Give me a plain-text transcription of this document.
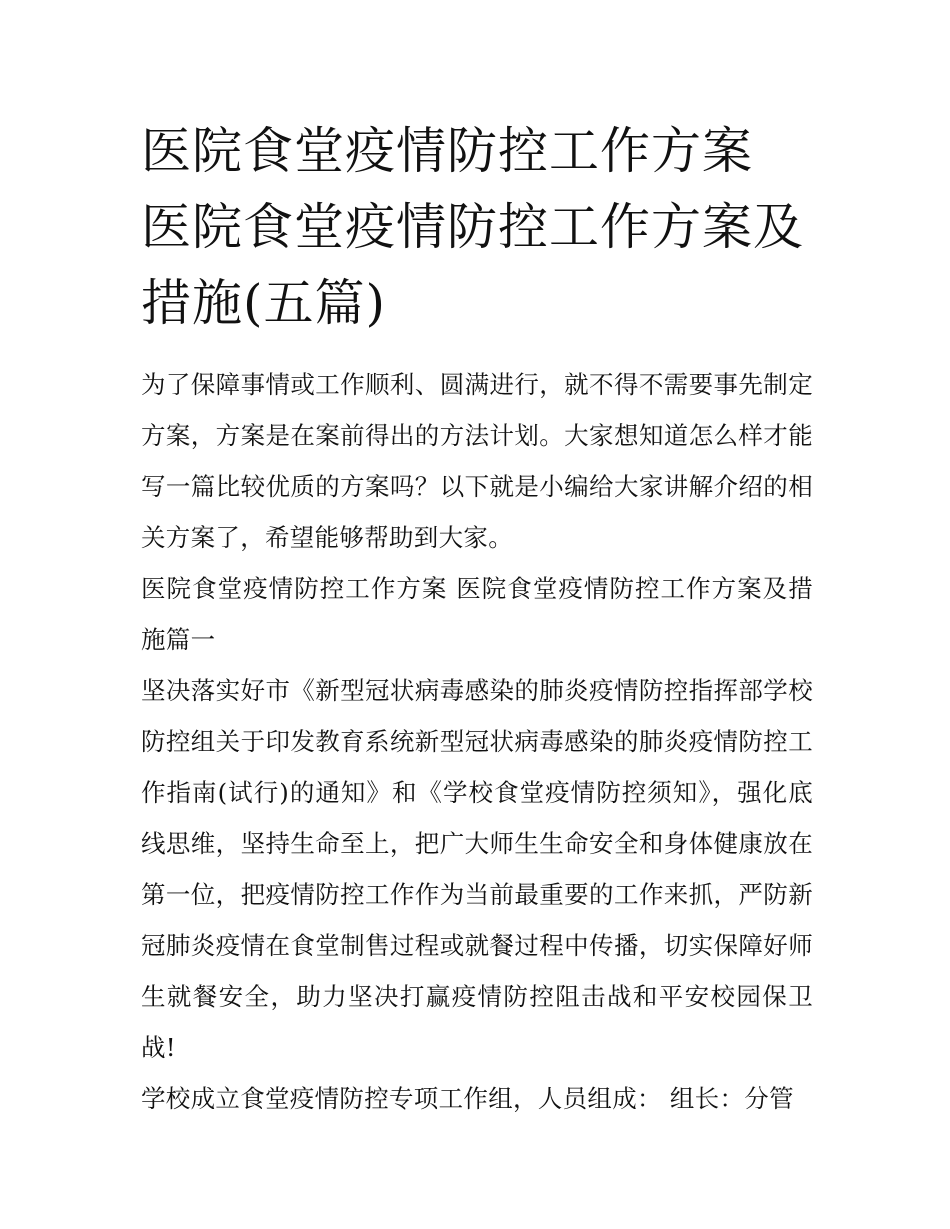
医院食堂疫情防控工作方案 医院食堂疫情防控工作方案及措施(五篇)

为了保障事情或工作顺利、圆满进行，就不得不需要事先制定方案，方案是在案前得出的方法计划。大家想知道怎么样才能写一篇比较优质的方案吗？以下就是小编给大家讲解介绍的相关方案了，希望能够帮助到大家。

医院食堂疫情防控工作方案 医院食堂疫情防控工作方案及措施篇一

坚决落实好市《新型冠状病毒感染的肺炎疫情防控指挥部学校防控组关于印发教育系统新型冠状病毒感染的肺炎疫情防控工作指南(试行)的通知》和《学校食堂疫情防控须知》，强化底线思维，坚持生命至上，把广大师生生命安全和身体健康放在第一位，把疫情防控工作作为当前最重要的工作来抓，严防新冠肺炎疫情在食堂制售过程或就餐过程中传播，切实保障好师生就餐安全，助力坚决打赢疫情防控阻击战和平安校园保卫战!

学校成立食堂疫情防控专项工作组，人员组成： 组长：分管
